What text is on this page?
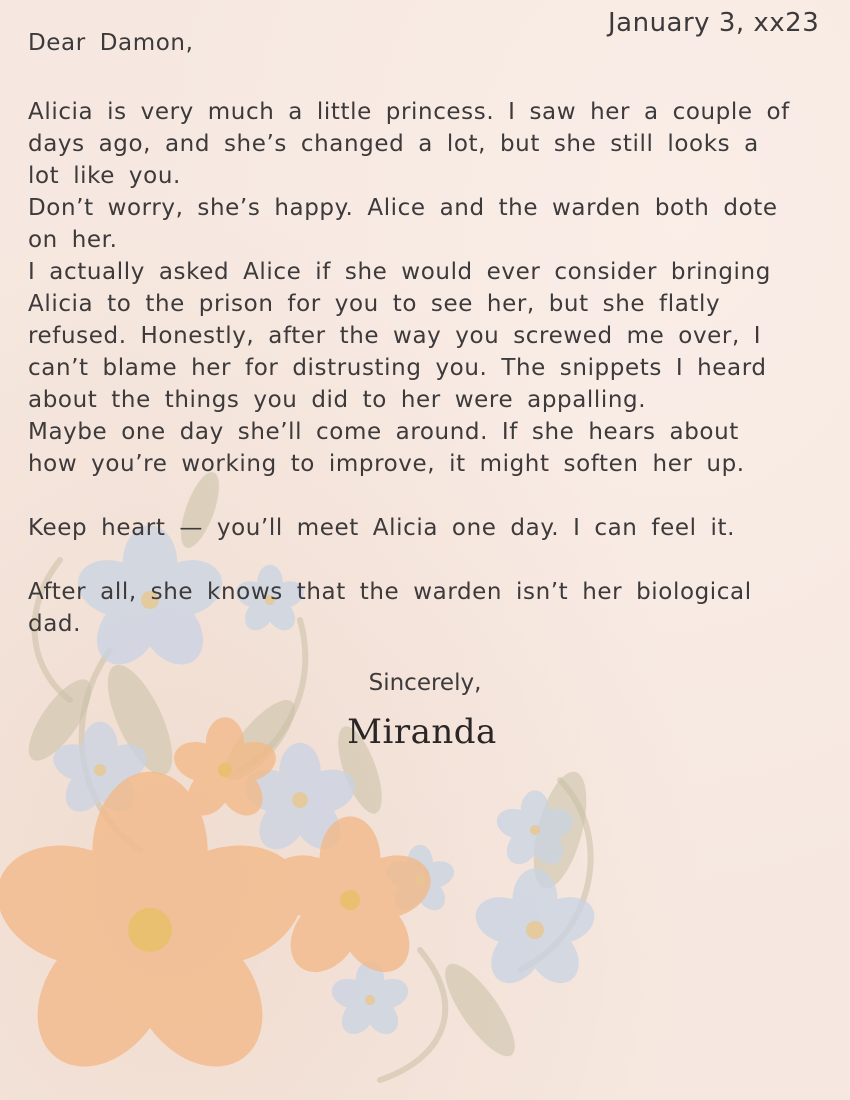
January 3, xx23
Dear Damon,

Alicia is very much a little princess. I saw her a couple of days ago, and she’s changed a lot, but she still looks a lot like you.

Don’t worry, she’s happy. Alice and the warden both dote on her.

I actually asked Alice if she would ever consider bringing Alicia to the prison for you to see her, but she flatly refused. Honestly, after the way you screwed me over, I can’t blame her for distrusting you. The snippets I heard about the things you did to her were appalling.

Maybe one day she’ll come around. If she hears about how you’re working to improve, it might soften her up.

Keep heart — you’ll meet Alicia one day. I can feel it.

After all, she knows that the warden isn’t her biological dad.

Sincerely,
Miranda
